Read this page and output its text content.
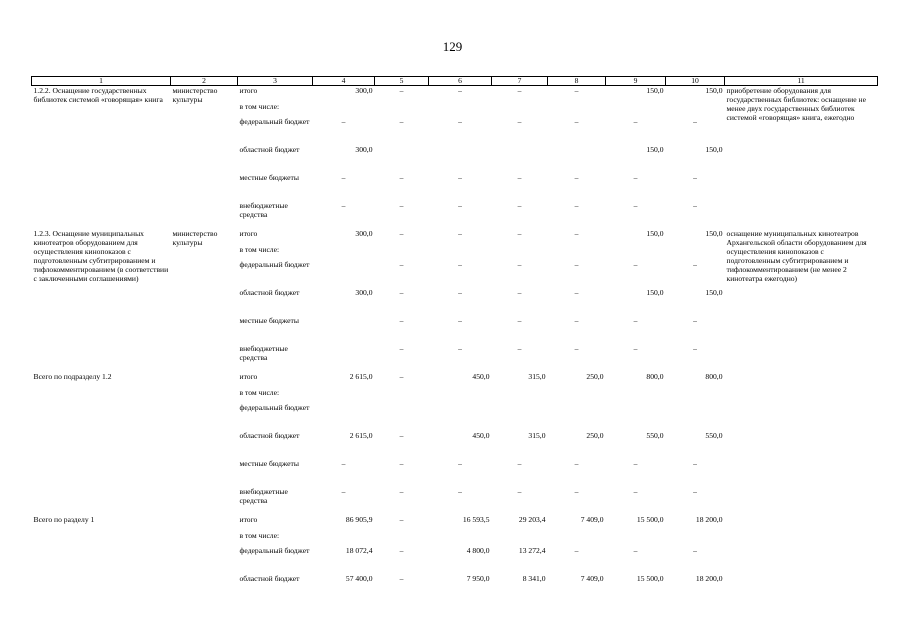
129
1	2	3	4	5	6	7	8	9	10	11
1.2.2. Оснащение государственных библиотек системой «говорящая» книга	министерство культуры	итого	300,0	–	–	–	–	150,0	150,0	приобретение оборудования для государственных библиотек: оснащение не менее двух государственных библиотек системой «говорящая» книга, ежегодно
		в том числе:								
		федеральный бюджет	–	–	–	–	–	–	–	
		областной бюджет	300,0					150,0	150,0	
		местные бюджеты	–	–	–	–	–	–	–	
		внебюджетные средства	–	–	–	–	–	–	–	
1.2.3. Оснащение муниципальных кинотеатров оборудованием для осуществления кинопоказов с подготовленным субтитрированием и тифлокомментированием (в соответствии с заключенными соглашениями)	министерство культуры	итого	300,0	–	–	–	–	150,0	150,0	оснащение муниципальных кинотеатров Архангельской области оборудованием для осуществления кинопоказов с подготовленным субтитрированием и тифлокомментированием (не менее 2 кинотеатра ежегодно)
		в том числе:								
		федеральный бюджет		–	–	–	–	–	–	
		областной бюджет	300,0	–	–	–	–	150,0	150,0	
		местные бюджеты		–	–	–	–	–	–	
		внебюджетные средства		–	–	–	–	–	–	
Всего по подразделу 1.2		итого	2 615,0	–	450,0	315,0	250,0	800,0	800,0	
		в том числе:								
		федеральный бюджет								
		областной бюджет	2 615,0	–	450,0	315,0	250,0	550,0	550,0	
		местные бюджеты	–	–	–	–	–	–	–	
		внебюджетные средства	–	–	–	–	–	–	–	
Всего по разделу 1		итого	86 905,9	–	16 593,5	29 203,4	7 409,0	15 500,0	18 200,0	
		в том числе:								
		федеральный бюджет	18 072,4	–	4 800,0	13 272,4	–	–	–	
		областной бюджет	57 400,0	–	7 950,0	8 341,0	7 409,0	15 500,0	18 200,0	
